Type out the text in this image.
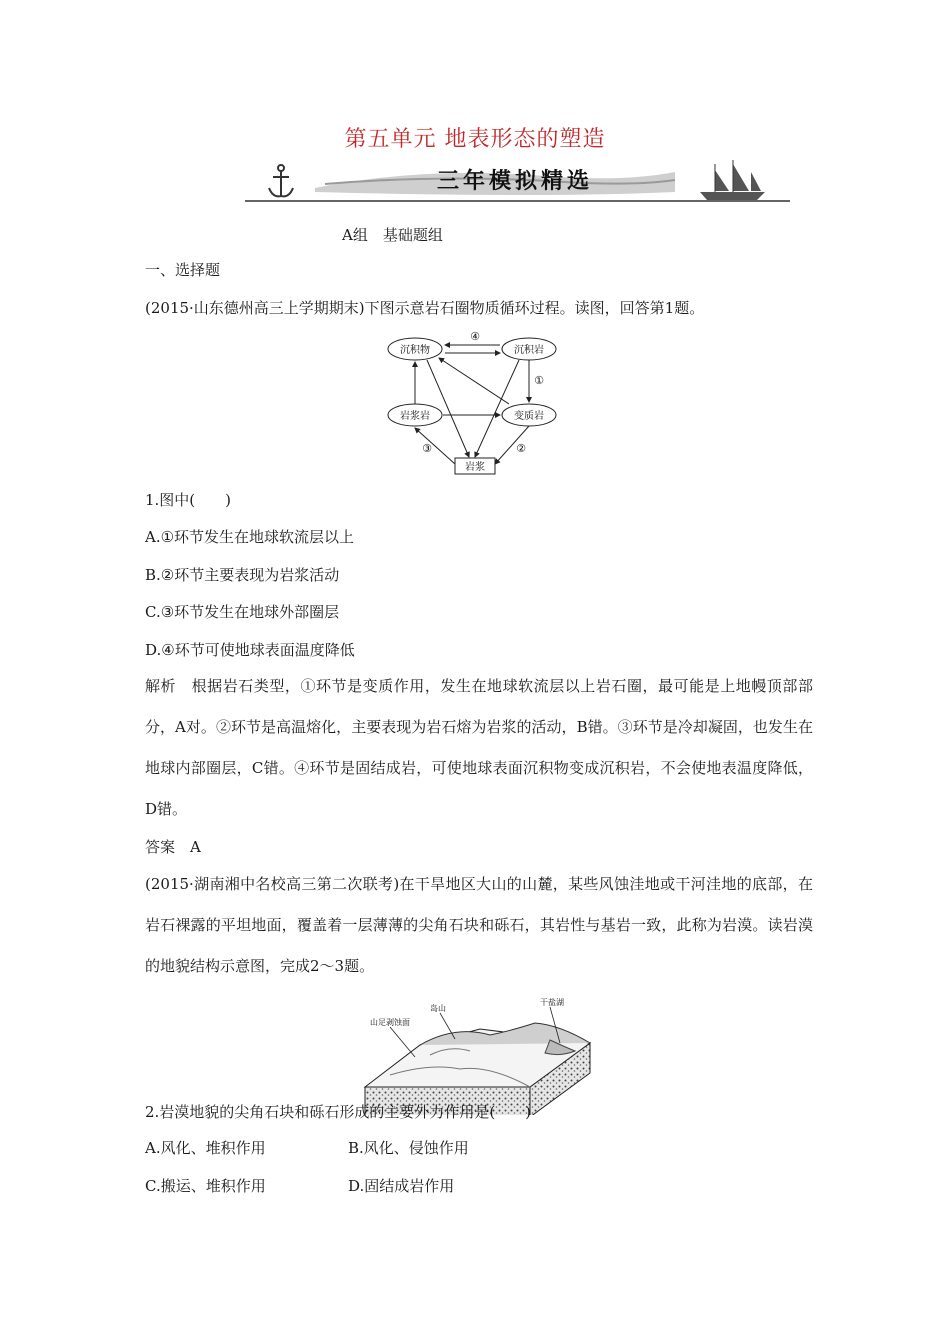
第五单元 地表形态的塑造
三年模拟精选
A组　基础题组
一、选择题
(2015·山东德州高三上学期期末)下图示意岩石圈物质循环过程。读图，回答第1题。
沉积物	沉积岩
岩浆岩	变质岩
岩浆
④
①
③	②
1.图中(　　)
A.①环节发生在地球软流层以上
B.②环节主要表现为岩浆活动
C.③环节发生在地球外部圈层
D.④环节可使地球表面温度降低
解析　 根据岩石类型，①环节是变质作用，发生在地球软流层以上岩石圈，最可能是上地幔顶部部分，A对。②环节是高温熔化，主要表现为岩石熔为岩浆的活动，B错。③环节是冷却凝固，也发生在地球内部圈层，C错。④环节是固结成岩，可使地球表面沉积物变成沉积岩，不会使地表温度降低，D错。
答案　A
(2015·湖南湘中名校高三第二次联考)在干旱地区大山的山麓，某些风蚀洼地或干河洼地的底部，在岩石裸露的平坦地面，覆盖着一层薄薄的尖角石块和砾石，其岩性与基岩一致，此称为岩漠。读岩漠的地貌结构示意图，完成2～3题。
干盐湖
岛山
山足剥蚀面
2.岩漠地貌的尖角石块和砾石形成的主要外力作用是(　　)
A.风化、堆积作用	B.风化、侵蚀作用
C.搬运、堆积作用	D.固结成岩作用
